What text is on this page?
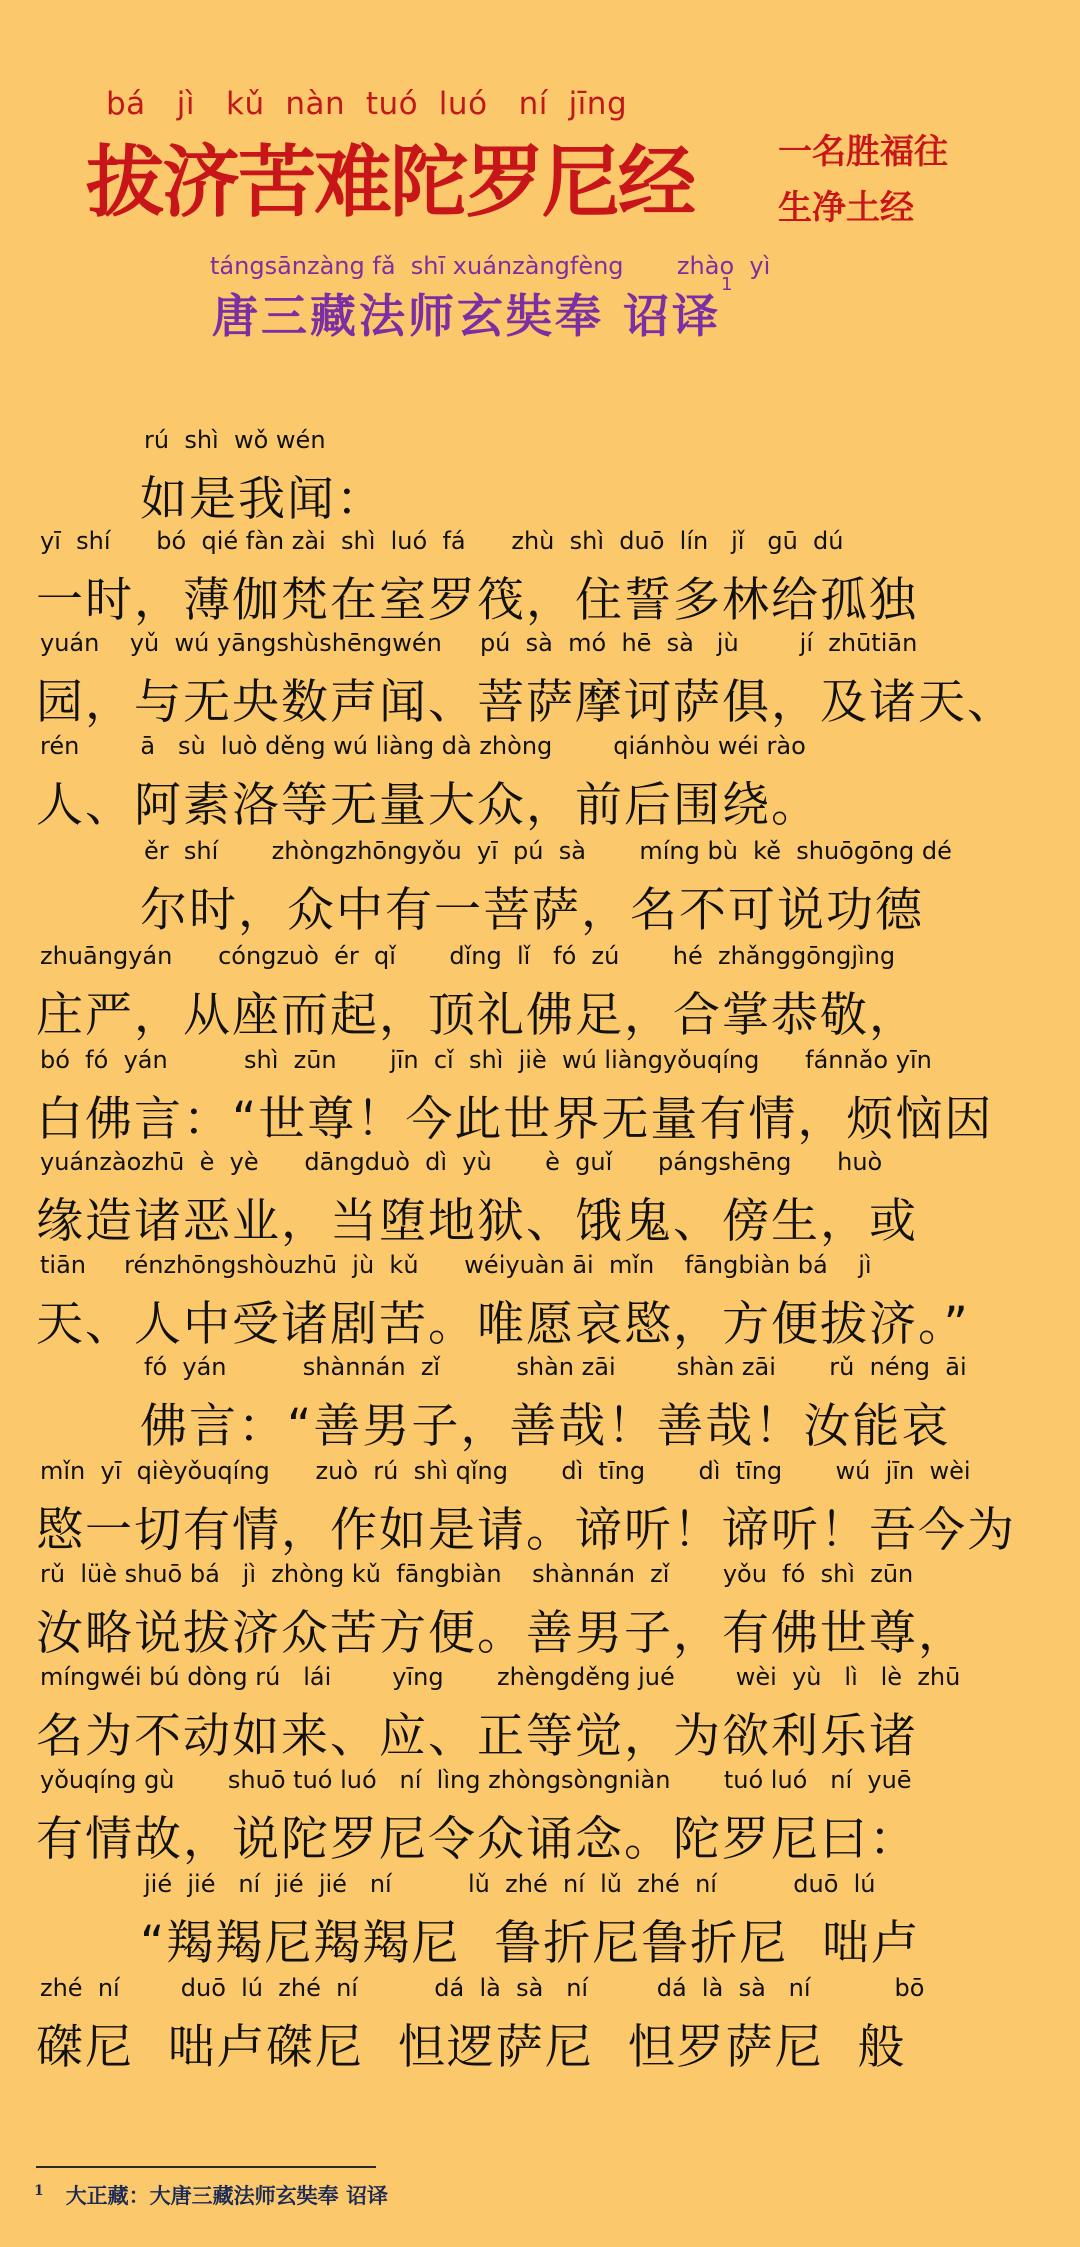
bá   jì   kǔ  nàn  tuó  luó   ní  jīng
拔济苦难陀罗尼经 一名胜福往
生净土经
tángsānzàng fǎ  shī xuánzàngfèng       zhào  yì
唐三藏法师玄奘奉 诏译$^1$
rú  shì  wǒ wén
如是我闻：
yī  shí      bó  qié fàn zài  shì  luó  fá      zhù  shì  duō  lín   jǐ   gū  dú
一时，薄伽梵在室罗筏，住誓多林给孤独
yuán    yǔ  wú yāngshùshēngwén     pú  sà  mó  hē  sà   jù        jí  zhūtiān
园，与无央数声闻、菩萨摩诃萨俱，及诸天、
rén        ā   sù  luò děng wú liàng dà zhòng        qiánhòu wéi rào
人、阿素洛等无量大众，前后围绕。
ěr  shí       zhòngzhōngyǒu  yī  pú  sà       míng bù  kě  shuōgōng dé
尔时，众中有一菩萨，名不可说功德
zhuāngyán      cóngzuò  ér  qǐ       dǐng  lǐ   fó  zú       hé  zhǎnggōngjìng
庄严，从座而起，顶礼佛足，合掌恭敬，
bó  fó  yán          shì  zūn       jīn  cǐ  shì  jiè  wú liàngyǒuqíng      fánnǎo yīn
白佛言：“世尊！今此世界无量有情，烦恼因
yuánzàozhū  è  yè      dāngduò  dì  yù       è  guǐ      pángshēng      huò
缘造诸恶业，当堕地狱、饿鬼、傍生，或
tiān     rénzhōngshòuzhū  jù  kǔ      wéiyuàn āi  mǐn    fāngbiàn bá    jì
天、人中受诸剧苦。唯愿哀愍，方便拔济。”
fó  yán          shànnán  zǐ          shàn zāi        shàn zāi       rǔ  néng  āi
佛言：“善男子，善哉！善哉！汝能哀
mǐn  yī  qièyǒuqíng      zuò  rú  shì qǐng       dì  tīng       dì  tīng       wú  jīn  wèi
愍一切有情，作如是请。谛听！谛听！吾今为
rǔ  lüè shuō bá   jì  zhòng kǔ  fāngbiàn    shànnán  zǐ       yǒu  fó  shì  zūn
汝略说拔济众苦方便。善男子，有佛世尊，
míngwéi bú dòng rú   lái        yīng       zhèngděng jué        wèi  yù   lì   lè  zhū
名为不动如来、应、正等觉，为欲利乐诸
yǒuqíng gù       shuō tuó luó   ní  lìng zhòngsòngniàn       tuó luó   ní  yuē
有情故，说陀罗尼令众诵念。陀罗尼曰：
jié  jié   ní  jié  jié   ní          lǔ  zhé  ní  lǔ  zhé  ní          duō  lú
“羯羯尼羯羯尼  鲁折尼鲁折尼  咄卢
zhé  ní        duō  lú  zhé  ní          dá  là  sà   ní         dá  là  sà   ní           bō
磔尼  咄卢磔尼  怛逻萨尼  怛罗萨尼  般
$^1$ 大正藏：大唐三藏法师玄奘奉 诏译
